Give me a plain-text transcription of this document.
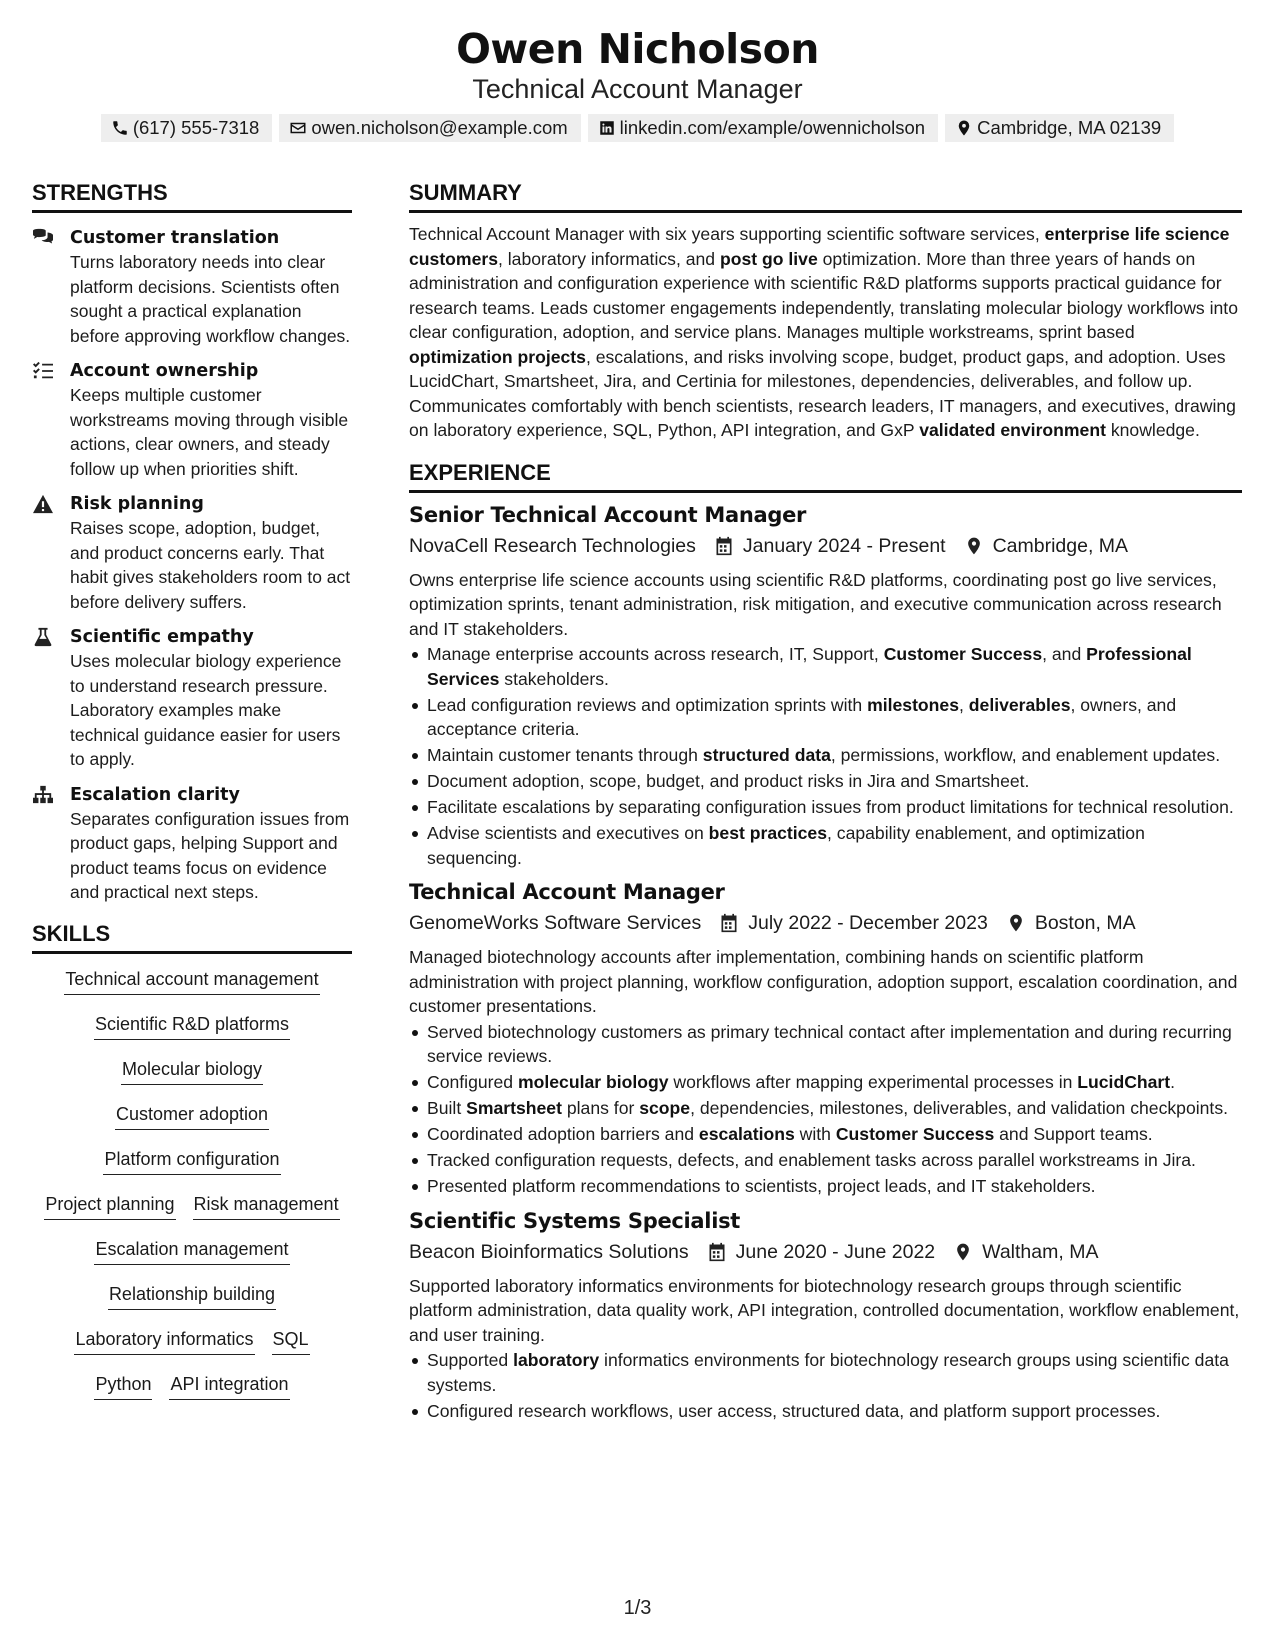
Owen Nicholson
Technical Account Manager
(617) 555-7318	owen.nicholson@example.com	linkedin.com/example/owennicholson	Cambridge, MA 02139
STRENGTHS
Customer translation
Turns laboratory needs into clear platform decisions. Scientists often sought a practical explanation before approving workflow changes.
Account ownership
Keeps multiple customer workstreams moving through visible actions, clear owners, and steady follow up when priorities shift.
Risk planning
Raises scope, adoption, budget, and product concerns early. That habit gives stakeholders room to act before delivery suffers.
Scientific empathy
Uses molecular biology experience to understand research pressure. Laboratory examples make technical guidance easier for users to apply.
Escalation clarity
Separates configuration issues from product gaps, helping Support and product teams focus on evidence and practical next steps.
SKILLS
Technical account management
Scientific R&D platforms
Molecular biology
Customer adoption
Platform configuration
Project planning Risk management
Escalation management
Relationship building
Laboratory informatics SQL
Python API integration
SUMMARY
Technical Account Manager with six years supporting scientific software services, enterprise life science customers, laboratory informatics, and post go live optimization. More than three years of hands on administration and configuration experience with scientific R&D platforms supports practical guidance for research teams. Leads customer engagements independently, translating molecular biology workflows into clear configuration, adoption, and service plans. Manages multiple workstreams, sprint based optimization projects, escalations, and risks involving scope, budget, product gaps, and adoption. Uses LucidChart, Smartsheet, Jira, and Certinia for milestones, dependencies, deliverables, and follow up. Communicates comfortably with bench scientists, research leaders, IT managers, and executives, drawing on laboratory experience, SQL, Python, API integration, and GxP validated environment knowledge.
EXPERIENCE
Senior Technical Account Manager
NovaCell Research Technologies January 2024 - Present Cambridge, MA
Owns enterprise life science accounts using scientific R&D platforms, coordinating post go live services, optimization sprints, tenant administration, risk mitigation, and executive communication across research and IT stakeholders.
Manage enterprise accounts across research, IT, Support, Customer Success, and Professional Services stakeholders.
Lead configuration reviews and optimization sprints with milestones, deliverables, owners, and acceptance criteria.
Maintain customer tenants through structured data, permissions, workflow, and enablement updates.
Document adoption, scope, budget, and product risks in Jira and Smartsheet.
Facilitate escalations by separating configuration issues from product limitations for technical resolution.
Advise scientists and executives on best practices, capability enablement, and optimization sequencing.
Technical Account Manager
GenomeWorks Software Services July 2022 - December 2023 Boston, MA
Managed biotechnology accounts after implementation, combining hands on scientific platform administration with project planning, workflow configuration, adoption support, escalation coordination, and customer presentations.
Served biotechnology customers as primary technical contact after implementation and during recurring service reviews.
Configured molecular biology workflows after mapping experimental processes in LucidChart.
Built Smartsheet plans for scope, dependencies, milestones, deliverables, and validation checkpoints.
Coordinated adoption barriers and escalations with Customer Success and Support teams.
Tracked configuration requests, defects, and enablement tasks across parallel workstreams in Jira.
Presented platform recommendations to scientists, project leads, and IT stakeholders.
Scientific Systems Specialist
Beacon Bioinformatics Solutions June 2020 - June 2022 Waltham, MA
Supported laboratory informatics environments for biotechnology research groups through scientific platform administration, data quality work, API integration, controlled documentation, workflow enablement, and user training.
Supported laboratory informatics environments for biotechnology research groups using scientific data systems.
Configured research workflows, user access, structured data, and platform support processes.
1/3
